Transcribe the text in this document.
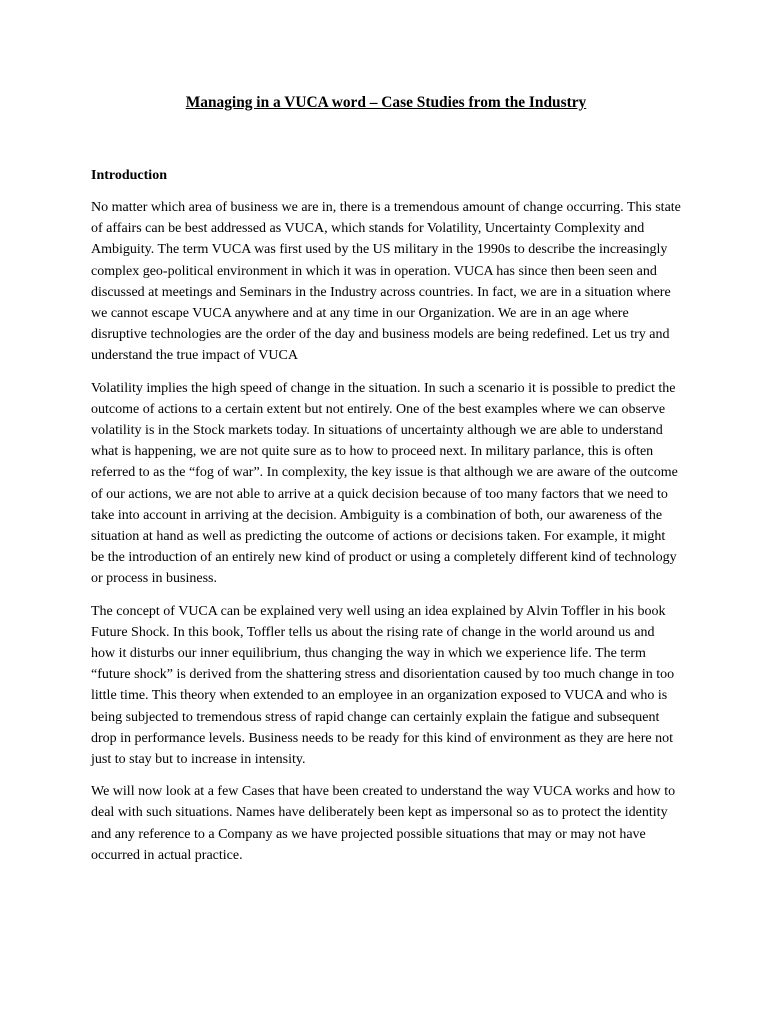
Managing in a VUCA word – Case Studies from the Industry
Introduction

No matter which area of business we are in, there is a tremendous amount of change occurring. This state of affairs can be best addressed as VUCA, which stands for Volatility, Uncertainty Complexity and Ambiguity. The term VUCA was first used by the US military in the 1990s to describe the increasingly complex geo-political environment in which it was in operation. VUCA has since then been seen and discussed at meetings and Seminars in the Industry across countries. In fact, we are in a situation where we cannot escape VUCA anywhere and at any time in our Organization. We are in an age where disruptive technologies are the order of the day and business models are being redefined. Let us try and understand the true impact of VUCA

Volatility implies the high speed of change in the situation. In such a scenario it is possible to predict the outcome of actions to a certain extent but not entirely. One of the best examples where we can observe volatility is in the Stock markets today. In situations of uncertainty although we are able to understand what is happening, we are not quite sure as to how to proceed next. In military parlance, this is often referred to as the “fog of war”. In complexity, the key issue is that although we are aware of the outcome of our actions, we are not able to arrive at a quick decision because of too many factors that we need to take into account in arriving at the decision. Ambiguity is a combination of both, our awareness of the situation at hand as well as predicting the outcome of actions or decisions taken. For example, it might be the introduction of an entirely new kind of product or using a completely different kind of technology or process in business.

The concept of VUCA can be explained very well using an idea explained by Alvin Toffler in his book Future Shock. In this book, Toffler tells us about the rising rate of change in the world around us and how it disturbs our inner equilibrium, thus changing the way in which we experience life. The term “future shock” is derived from the shattering stress and disorientation caused by too much change in too little time. This theory when extended to an employee in an organization exposed to VUCA and who is being subjected to tremendous stress of rapid change can certainly explain the fatigue and subsequent drop in performance levels. Business needs to be ready for this kind of environment as they are here not just to stay but to increase in intensity.

We will now look at a few Cases that have been created to understand the way VUCA works and how to deal with such situations. Names have deliberately been kept as impersonal so as to protect the identity and any reference to a Company as we have projected possible situations that may or may not have occurred in actual practice.
